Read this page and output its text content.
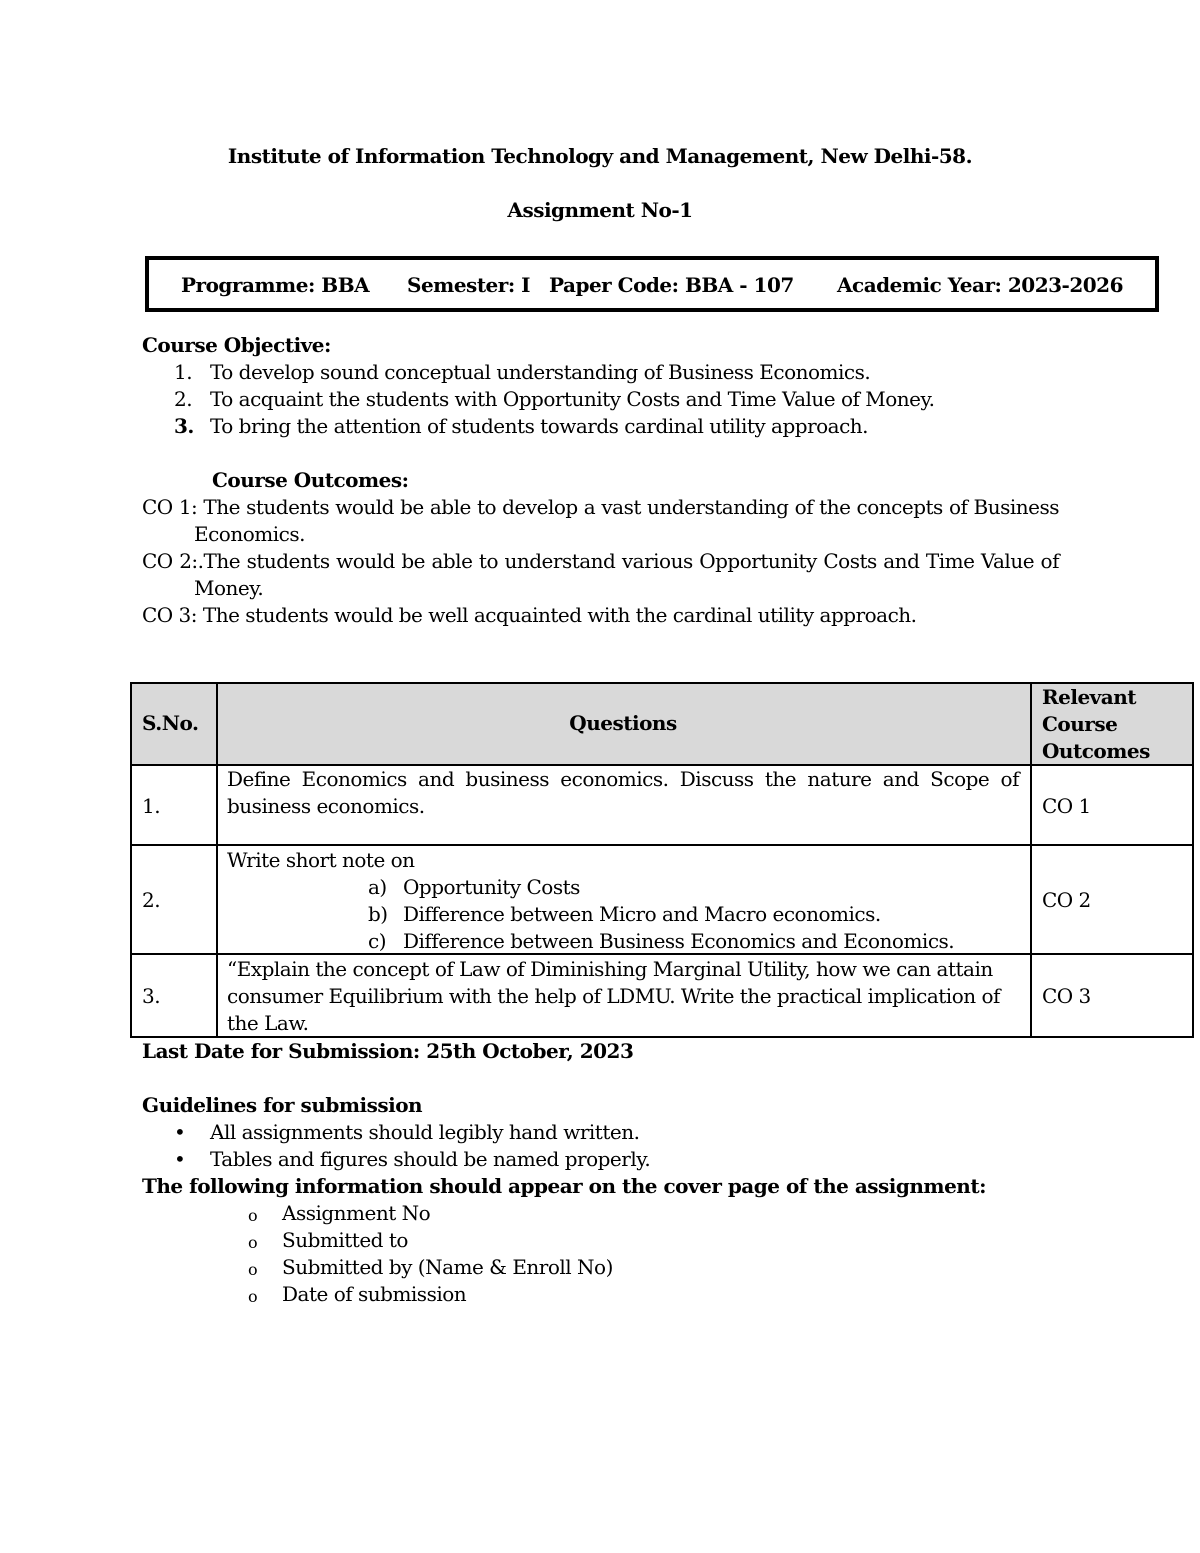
Institute of Information Technology and Management, New Delhi-58.
Assignment No-1
Programme: BBA Semester: I Paper Code: BBA - 107 Academic Year: 2023-2026
Course Objective:
1. To develop sound conceptual understanding of Business Economics.
2. To acquaint the students with Opportunity Costs and Time Value of Money.
3. To bring the attention of students towards cardinal utility approach.
Course Outcomes:
CO 1: The students would be able to develop a vast understanding of the concepts of Business
Economics.
CO 2:.The students would be able to understand various Opportunity Costs and Time Value of
Money.
CO 3: The students would be well acquainted with the cardinal utility approach.
S.No.	Questions
Relevant
Course
Outcomes
1.
Define Economics and business economics. Discuss the nature and Scope of
business economics.	CO 1
2.
Write short note on
a) Opportunity Costs
b) Difference between Micro and Macro economics.
c) Difference between Business Economics and Economics.
CO 2
3.
“Explain the concept of Law of Diminishing Marginal Utility, how we can attain
consumer Equilibrium with the help of LDMU. Write the practical implication of
the Law.
CO 3
Last Date for Submission: 25th October, 2023
Guidelines for submission
• All assignments should legibly hand written.
• Tables and figures should be named properly.
The following information should appear on the cover page of the assignment:
o Assignment No
o Submitted to
o Submitted by (Name & Enroll No)
o Date of submission
